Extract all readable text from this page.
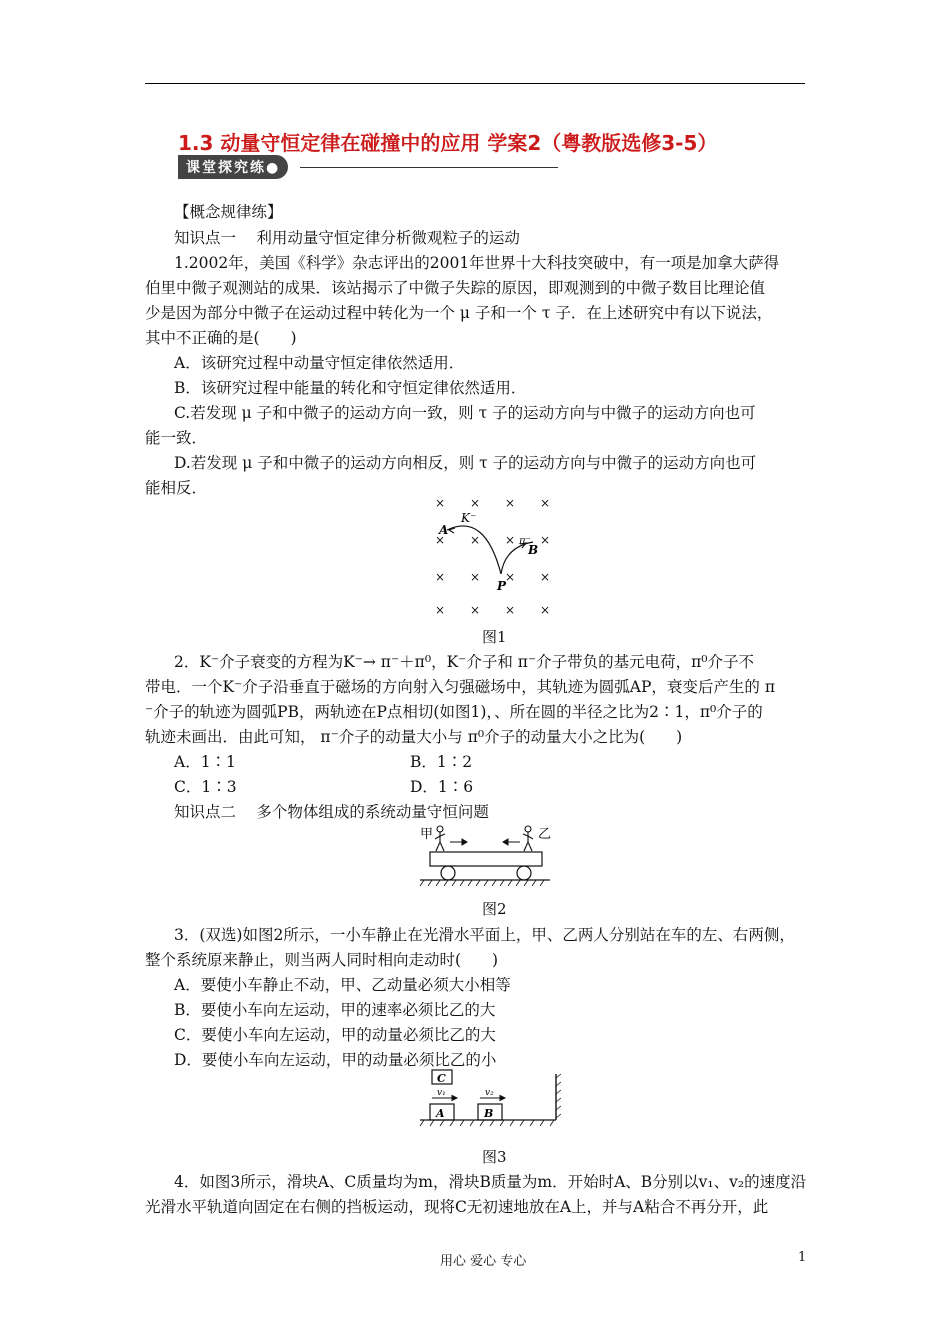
1.3 动量守恒定律在碰撞中的应用 学案2（粤教版选修3-5）
课堂探究练●
【概念规律练】
知识点一　 利用动量守恒定律分析微观粒子的运动
1.2002年，美国《科学》杂志评出的2001年世界十大科技突破中，有一项是加拿大萨得
伯里中微子观测站的成果．该站揭示了中微子失踪的原因，即观测到的中微子数目比理论值
少是因为部分中微子在运动过程中转化为一个 μ 子和一个 τ 子．在上述研究中有以下说法，
其中不正确的是(　　)
A．该研究过程中动量守恒定律依然适用．
B．该研究过程中能量的转化和守恒定律依然适用．
C.若发现 μ 子和中微子的运动方向一致，则 τ 子的运动方向与中微子的运动方向也可
能一致．
D.若发现 μ 子和中微子的运动方向相反，则 τ 子的运动方向与中微子的运动方向也可
能相反．
× × × ×
× × × ×
× × × ×
× × × ×
K⁻
A
B
π⁻
P
图1
2．K⁻介子衰变的方程为K⁻→ π⁻＋π⁰，K⁻介子和 π⁻介子带负的基元电荷，π⁰介子不
带电．一个K⁻介子沿垂直于磁场的方向射入匀强磁场中，其轨迹为圆弧AP，衰变后产生的 π
⁻介子的轨迹为圆弧PB，两轨迹在P点相切(如图1)，、所在圆的半径之比为2∶1，π⁰介子的
轨迹未画出．由此可知， π⁻介子的动量大小与 π⁰介子的动量大小之比为(　　)
A．1∶1	B．1∶2
C．1∶3	D．1∶6
知识点二　 多个物体组成的系统动量守恒问题
甲	乙
图2
3．(双选)如图2所示，一小车静止在光滑水平面上，甲、乙两人分别站在车的左、右两侧，
整个系统原来静止，则当两人同时相向走动时(　　)
A．要使小车静止不动，甲、乙动量必须大小相等
B．要使小车向左运动，甲的速率必须比乙的大
C．要使小车向左运动，甲的动量必须比乙的大
D．要使小车向左运动，甲的动量必须比乙的小
C
A	B
v₁	v₂
图3
4．如图3所示，滑块A、C质量均为m，滑块B质量为m．开始时A、B分别以v₁、v₂的速度沿
光滑水平轨道向固定在右侧的挡板运动，现将C无初速地放在A上，并与A粘合不再分开，此
用心 爱心 专心	1
